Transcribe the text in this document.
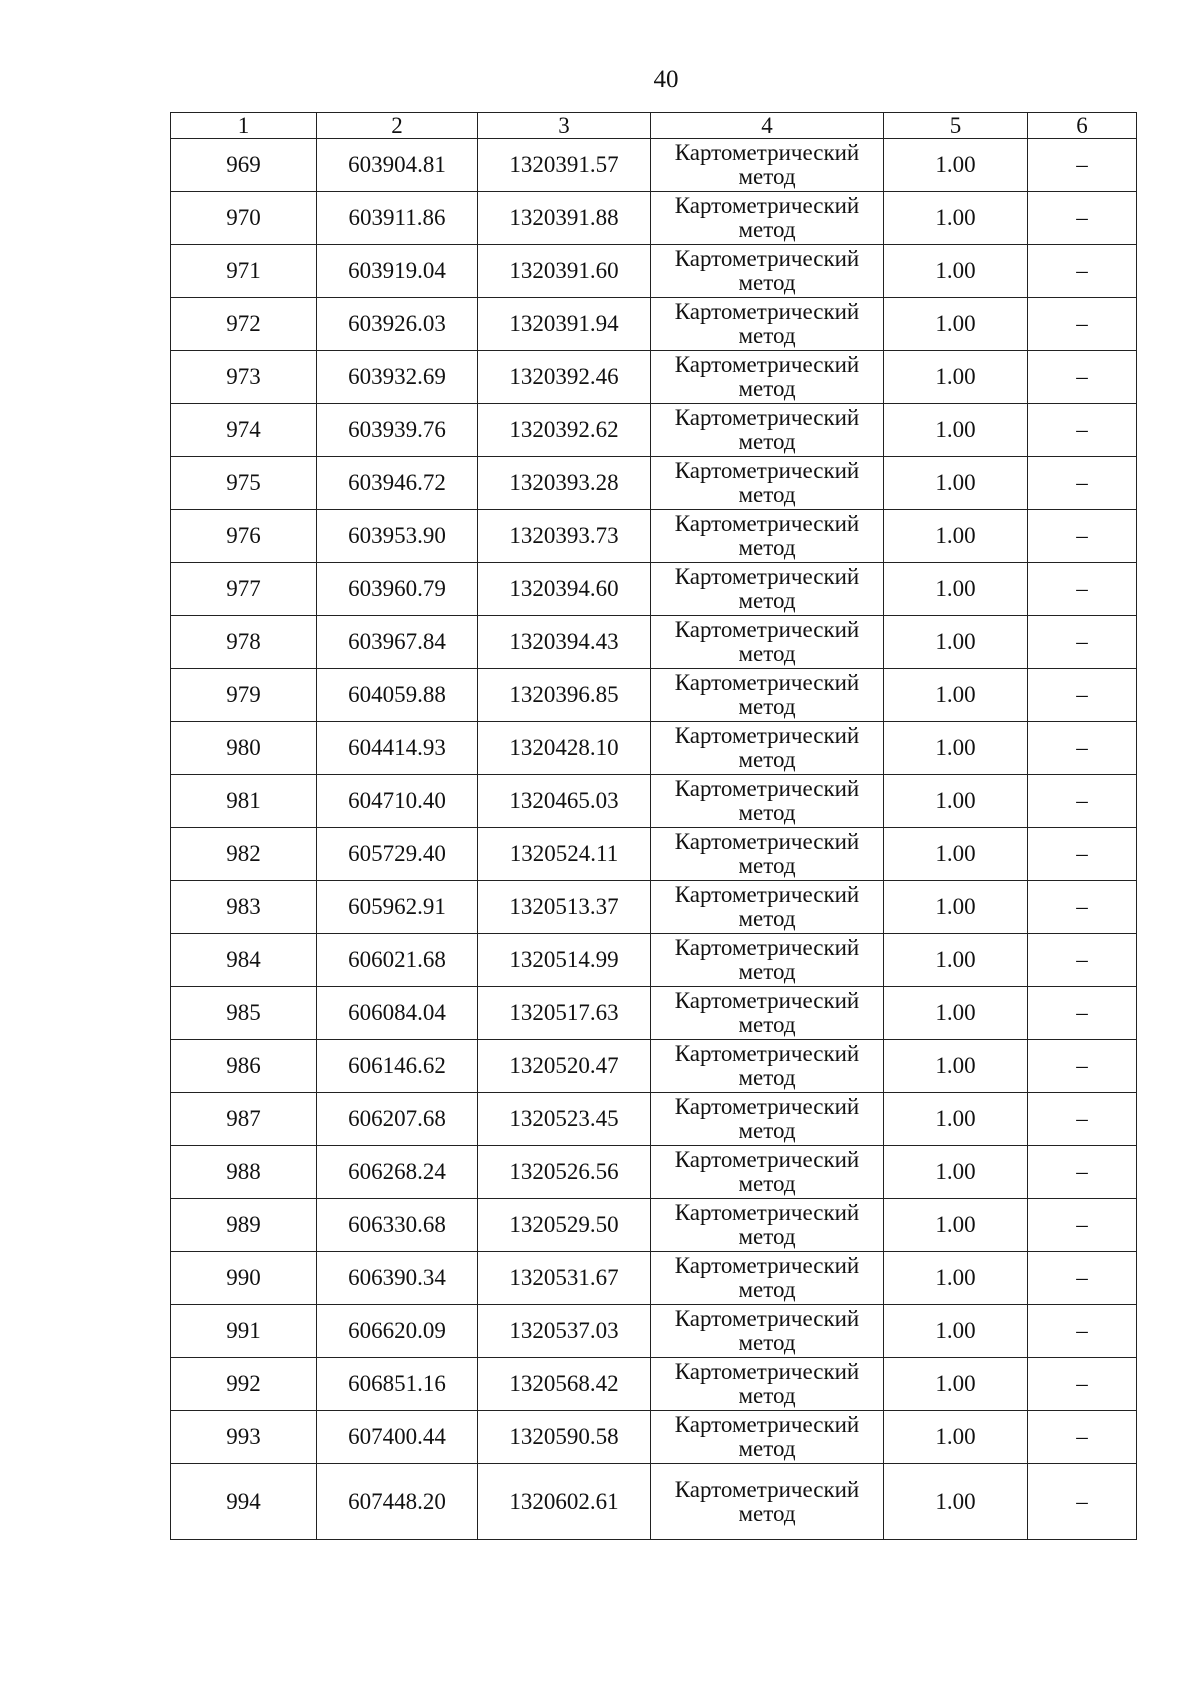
40
1	2	3	4	5	6
969	603904.81	1320391.57	Картометрический
метод	1.00	–
970	603911.86	1320391.88	Картометрический
метод	1.00	–
971	603919.04	1320391.60	Картометрический
метод	1.00	–
972	603926.03	1320391.94	Картометрический
метод	1.00	–
973	603932.69	1320392.46	Картометрический
метод	1.00	–
974	603939.76	1320392.62	Картометрический
метод	1.00	–
975	603946.72	1320393.28	Картометрический
метод	1.00	–
976	603953.90	1320393.73	Картометрический
метод	1.00	–
977	603960.79	1320394.60	Картометрический
метод	1.00	–
978	603967.84	1320394.43	Картометрический
метод	1.00	–
979	604059.88	1320396.85	Картометрический
метод	1.00	–
980	604414.93	1320428.10	Картометрический
метод	1.00	–
981	604710.40	1320465.03	Картометрический
метод	1.00	–
982	605729.40	1320524.11	Картометрический
метод	1.00	–
983	605962.91	1320513.37	Картометрический
метод	1.00	–
984	606021.68	1320514.99	Картометрический
метод	1.00	–
985	606084.04	1320517.63	Картометрический
метод	1.00	–
986	606146.62	1320520.47	Картометрический
метод	1.00	–
987	606207.68	1320523.45	Картометрический
метод	1.00	–
988	606268.24	1320526.56	Картометрический
метод	1.00	–
989	606330.68	1320529.50	Картометрический
метод	1.00	–
990	606390.34	1320531.67	Картометрический
метод	1.00	–
991	606620.09	1320537.03	Картометрический
метод	1.00	–
992	606851.16	1320568.42	Картометрический
метод	1.00	–
993	607400.44	1320590.58	Картометрический
метод	1.00	–
994	607448.20	1320602.61	Картометрический
метод	1.00	–
